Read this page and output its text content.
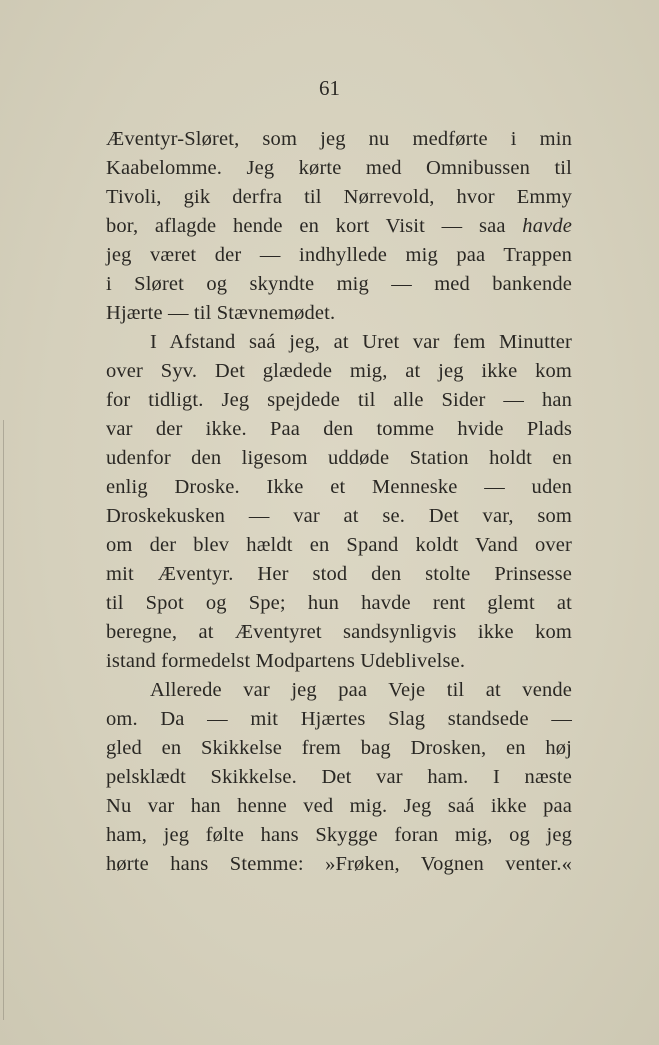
61

Æventyr-Sløret, som jeg nu medførte i min
Kaabelomme. Jeg kørte med Omnibussen til
Tivoli, gik derfra til Nørrevold, hvor Emmy
bor, aflagde hende en kort Visit — saa havde
jeg været der — indhyllede mig paa Trappen
i Sløret og skyndte mig — med bankende
Hjærte — til Stævnemødet.
I Afstand saá jeg, at Uret var fem Minutter
over Syv. Det glædede mig, at jeg ikke kom
for tidligt. Jeg spejdede til alle Sider — han
var der ikke. Paa den tomme hvide Plads
udenfor den ligesom uddøde Station holdt en
enlig Droske. Ikke et Menneske — uden
Droskekusken — var at se. Det var, som
om der blev hældt en Spand koldt Vand over
mit Æventyr. Her stod den stolte Prinsesse
til Spot og Spe; hun havde rent glemt at
beregne, at Æventyret sandsynligvis ikke kom
istand formedelst Modpartens Udeblivelse.
Allerede var jeg paa Veje til at vende
om. Da — mit Hjærtes Slag standsede —
gled en Skikkelse frem bag Drosken, en høj
pelsklædt Skikkelse. Det var ham. I næste
Nu var han henne ved mig. Jeg saá ikke paa
ham, jeg følte hans Skygge foran mig, og jeg
hørte hans Stemme: »Frøken, Vognen venter.«
